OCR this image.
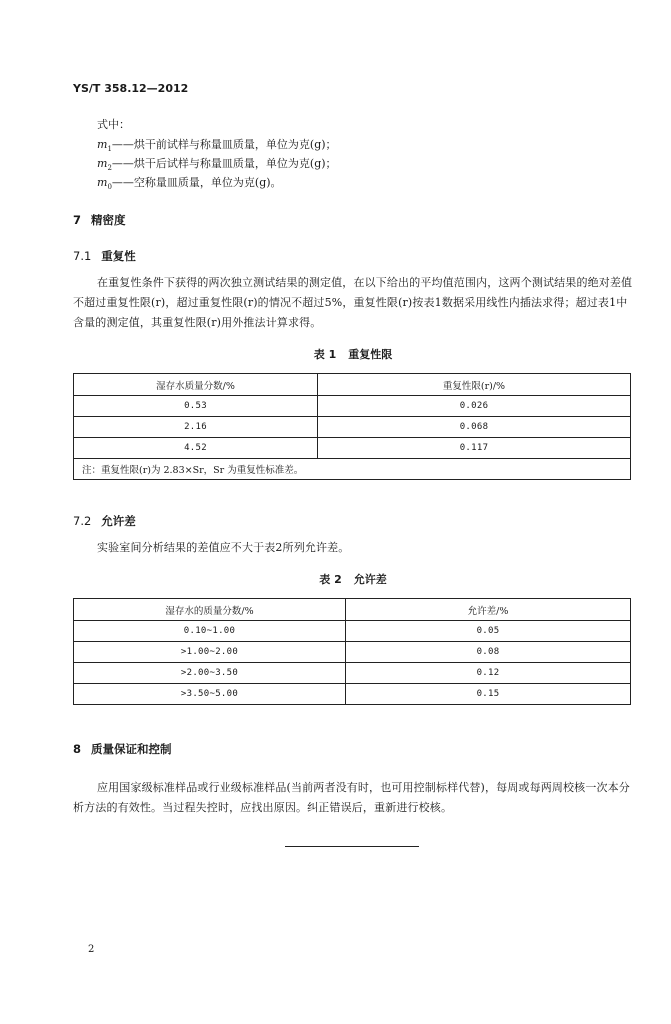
YS/T 358.12—2012
式中：
$m_1——$烘干前试样与称量皿质量，单位为克(g)；
$m_2——$烘干后试样与称量皿质量，单位为克(g)；
$m_0——$空称量皿质量，单位为克(g)。
7 精密度
7.1 重复性
在重复性条件下获得的两次独立测试结果的测定值，在以下给出的平均值范围内，这两个测试结果的绝对差值不超过重复性限(r)，超过重复性限(r)的情况不超过5%，重复性限(r)按表1数据采用线性内插法求得；超过表1中含量的测定值，其重复性限(r)用外推法计算求得。
表 1 重复性限
湿存水质量分数/%	重复性限(r)/%
0.53	0.026
2.16	0.068
4.52	0.117
注：重复性限(r)为 2.83×Sr，Sr 为重复性标准差。	
7.2 允许差
实验室间分析结果的差值应不大于表2所列允许差。
表 2 允许差
湿存水的质量分数/%	允许差/%
0.10~1.00	0.05
>1.00~2.00	0.08
>2.00~3.50	0.12
>3.50~5.00	0.15
8 质量保证和控制
应用国家级标准样品或行业级标准样品(当前两者没有时，也可用控制标样代替)，每周或每两周校核一次本分析方法的有效性。当过程失控时，应找出原因。纠正错误后，重新进行校核。
2
